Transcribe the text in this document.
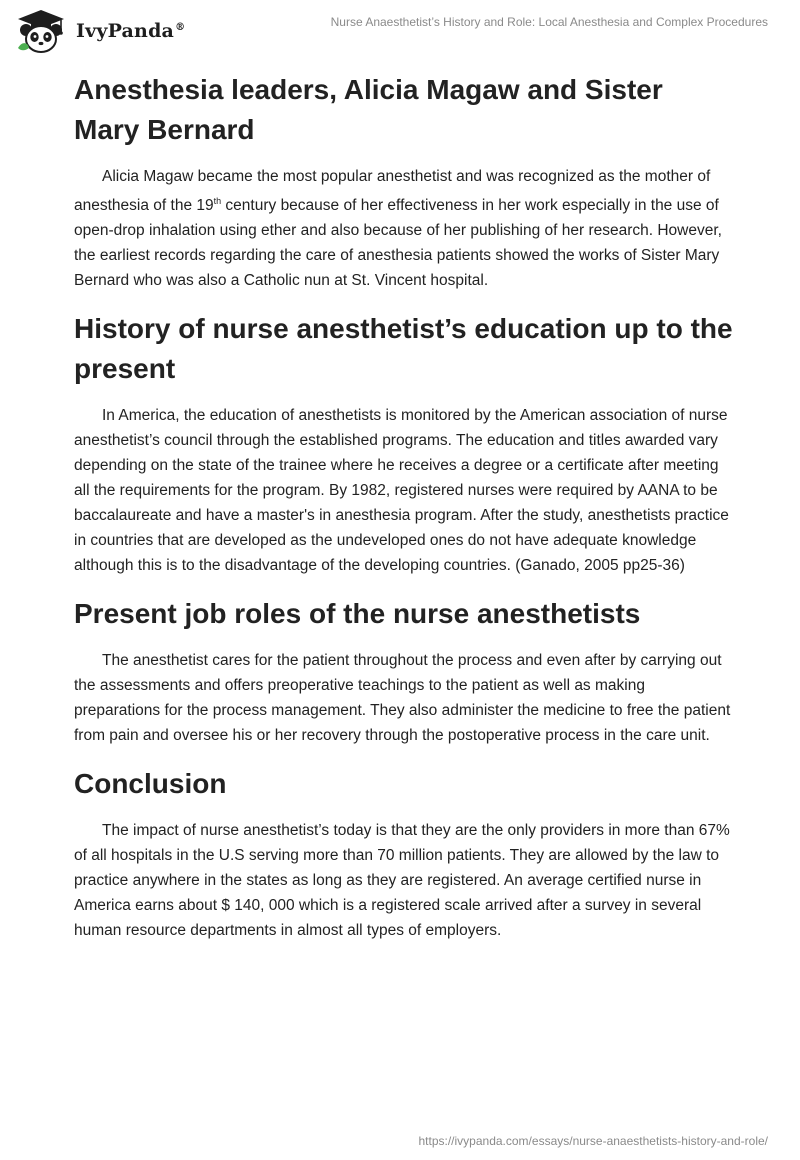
IvyPanda®	Nurse Anaesthetist’s History and Role: Local Anesthesia and Complex Procedures
Anesthesia leaders, Alicia Magaw and Sister Mary Bernard

Alicia Magaw became the most popular anesthetist and was recognized as the mother of anesthesia of the 19th century because of her effectiveness in her work especially in the use of open-drop inhalation using ether and also because of her publishing of her research. However, the earliest records regarding the care of anesthesia patients showed the works of Sister Mary Bernard who was also a Catholic nun at St. Vincent hospital.

History of nurse anesthetist’s education up to the present

In America, the education of anesthetists is monitored by the American association of nurse anesthetist’s council through the established programs. The education and titles awarded vary depending on the state of the trainee where he receives a degree or a certificate after meeting all the requirements for the program. By 1982, registered nurses were required by AANA to be baccalaureate and have a master's in anesthesia program. After the study, anesthetists practice in countries that are developed as the undeveloped ones do not have adequate knowledge although this is to the disadvantage of the developing countries. (Ganado, 2005 pp25-36)

Present job roles of the nurse anesthetists

The anesthetist cares for the patient throughout the process and even after by carrying out the assessments and offers preoperative teachings to the patient as well as making preparations for the process management. They also administer the medicine to free the patient from pain and oversee his or her recovery through the postoperative process in the care unit.

Conclusion

The impact of nurse anesthetist’s today is that they are the only providers in more than 67% of all hospitals in the U.S serving more than 70 million patients. They are allowed by the law to practice anywhere in the states as long as they are registered. An average certified nurse in America earns about $ 140, 000 which is a registered scale arrived after a survey in several human resource departments in almost all types of employers.

https://ivypanda.com/essays/nurse-anaesthetists-history-and-role/
